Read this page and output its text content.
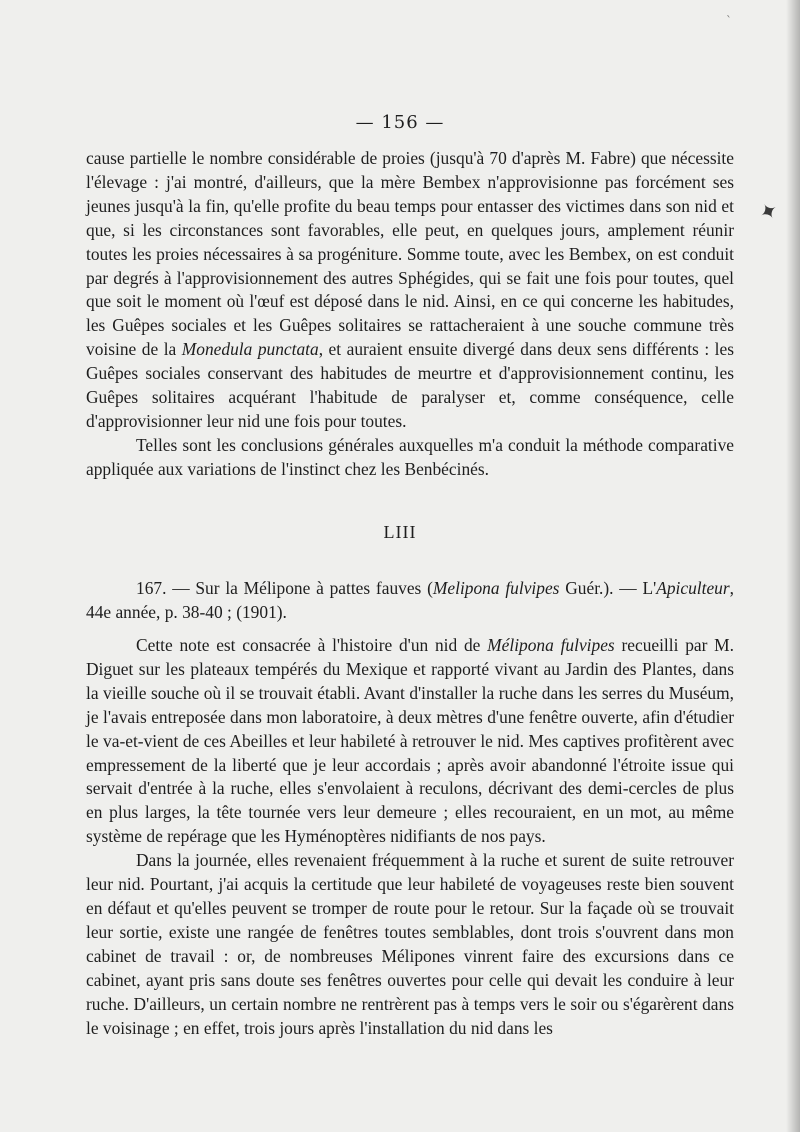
ˋ
✦
— 156 —

cause partielle le nombre considérable de proies (jusqu'à 70 d'après M. Fabre) que nécessite l'élevage : j'ai montré, d'ailleurs, que la mère Bembex n'approvisionne pas forcément ses jeunes jusqu'à la fin, qu'elle profite du beau temps pour entasser des victimes dans son nid et que, si les circonstances sont favorables, elle peut, en quelques jours, amplement réunir toutes les proies nécessaires à sa progéniture. Somme toute, avec les Bembex, on est conduit par degrés à l'approvisionnement des autres Sphégides, qui se fait une fois pour toutes, quel que soit le moment où l'œuf est déposé dans le nid. Ainsi, en ce qui concerne les habitudes, les Guêpes sociales et les Guêpes solitaires se rattacheraient à une souche commune très voisine de la Monedula punctata, et auraient ensuite divergé dans deux sens différents : les Guêpes sociales conservant des habitudes de meurtre et d'approvisionnement continu, les Guêpes solitaires acquérant l'habitude de paralyser et, comme conséquence, celle d'approvisionner leur nid une fois pour toutes.

Telles sont les conclusions générales auxquelles m'a conduit la méthode comparative appliquée aux variations de l'instinct chez les Benbécinés.

LIII

167. — Sur la Mélipone à pattes fauves (Melipona fulvipes Guér.). — L'Apiculteur, 44e année, p. 38-40 ; (1901).

Cette note est consacrée à l'histoire d'un nid de Mélipona fulvipes recueilli par M. Diguet sur les plateaux tempérés du Mexique et rapporté vivant au Jardin des Plantes, dans la vieille souche où il se trouvait établi. Avant d'installer la ruche dans les serres du Muséum, je l'avais entreposée dans mon laboratoire, à deux mètres d'une fenêtre ouverte, afin d'étudier le va-et-vient de ces Abeilles et leur habileté à retrouver le nid. Mes captives profitèrent avec empressement de la liberté que je leur accordais ; après avoir abandonné l'étroite issue qui servait d'entrée à la ruche, elles s'envolaient à reculons, décrivant des demi-cercles de plus en plus larges, la tête tournée vers leur demeure ; elles recouraient, en un mot, au même système de repérage que les Hyménoptères nidifiants de nos pays.

Dans la journée, elles revenaient fréquemment à la ruche et surent de suite retrouver leur nid. Pourtant, j'ai acquis la certitude que leur habileté de voyageuses reste bien souvent en défaut et qu'elles peuvent se tromper de route pour le retour. Sur la façade où se trouvait leur sortie, existe une rangée de fenêtres toutes semblables, dont trois s'ouvrent dans mon cabinet de travail : or, de nombreuses Mélipones vinrent faire des excursions dans ce cabinet, ayant pris sans doute ses fenêtres ouvertes pour celle qui devait les conduire à leur ruche. D'ailleurs, un certain nombre ne rentrèrent pas à temps vers le soir ou s'égarèrent dans le voisinage ; en effet, trois jours après l'installation du nid dans les
